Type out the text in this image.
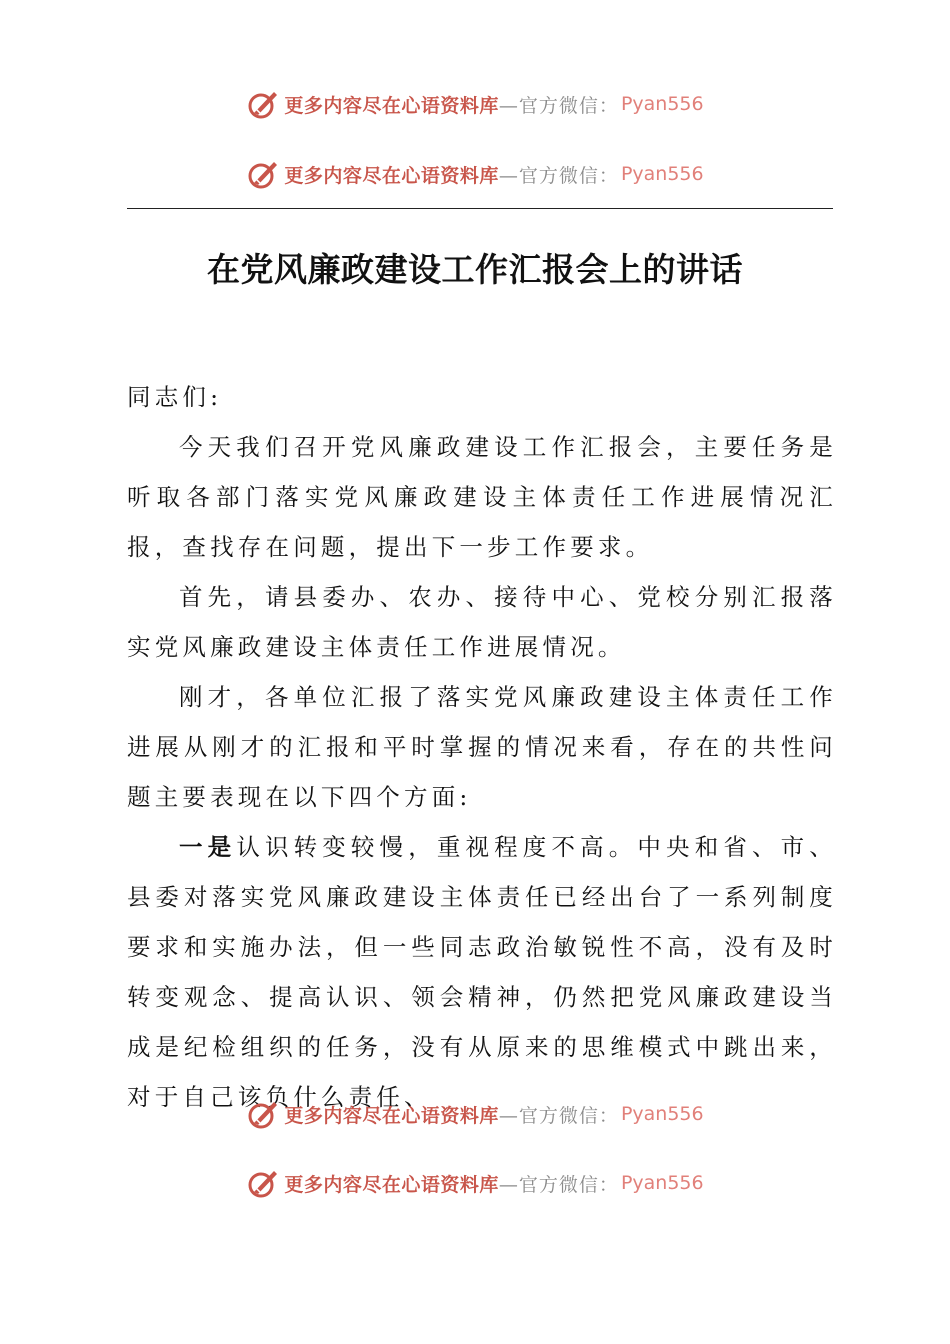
更多内容尽在心语资料库 —官方微信： Pyan556
更多内容尽在心语资料库 —官方微信： Pyan556
在党风廉政建设工作汇报会上的讲话

同志们:

今天我们召开党风廉政建设工作汇报会，主要任务是听取各部门落实党风廉政建设主体责任工作进展情况汇报，查找存在问题，提出下一步工作要求。

首先，请县委办、农办、接待中心、党校分别汇报落实党风廉政建设主体责任工作进展情况。

刚才，各单位汇报了落实党风廉政建设主体责任工作进展从刚才的汇报和平时掌握的情况来看，存在的共性问题主要表现在以下四个方面:

一是认识转变较慢，重视程度不高。中央和省、市、县委对落实党风廉政建设主体责任已经出台了一系列制度要求和实施办法，但一些同志政治敏锐性不高，没有及时转变观念、提高认识、领会精神，仍然把党风廉政建设当成是纪检组织的任务，没有从原来的思维模式中跳出来，对于自己该负什么责任、

更多内容尽在心语资料库 —官方微信： Pyan556
更多内容尽在心语资料库 —官方微信： Pyan556
